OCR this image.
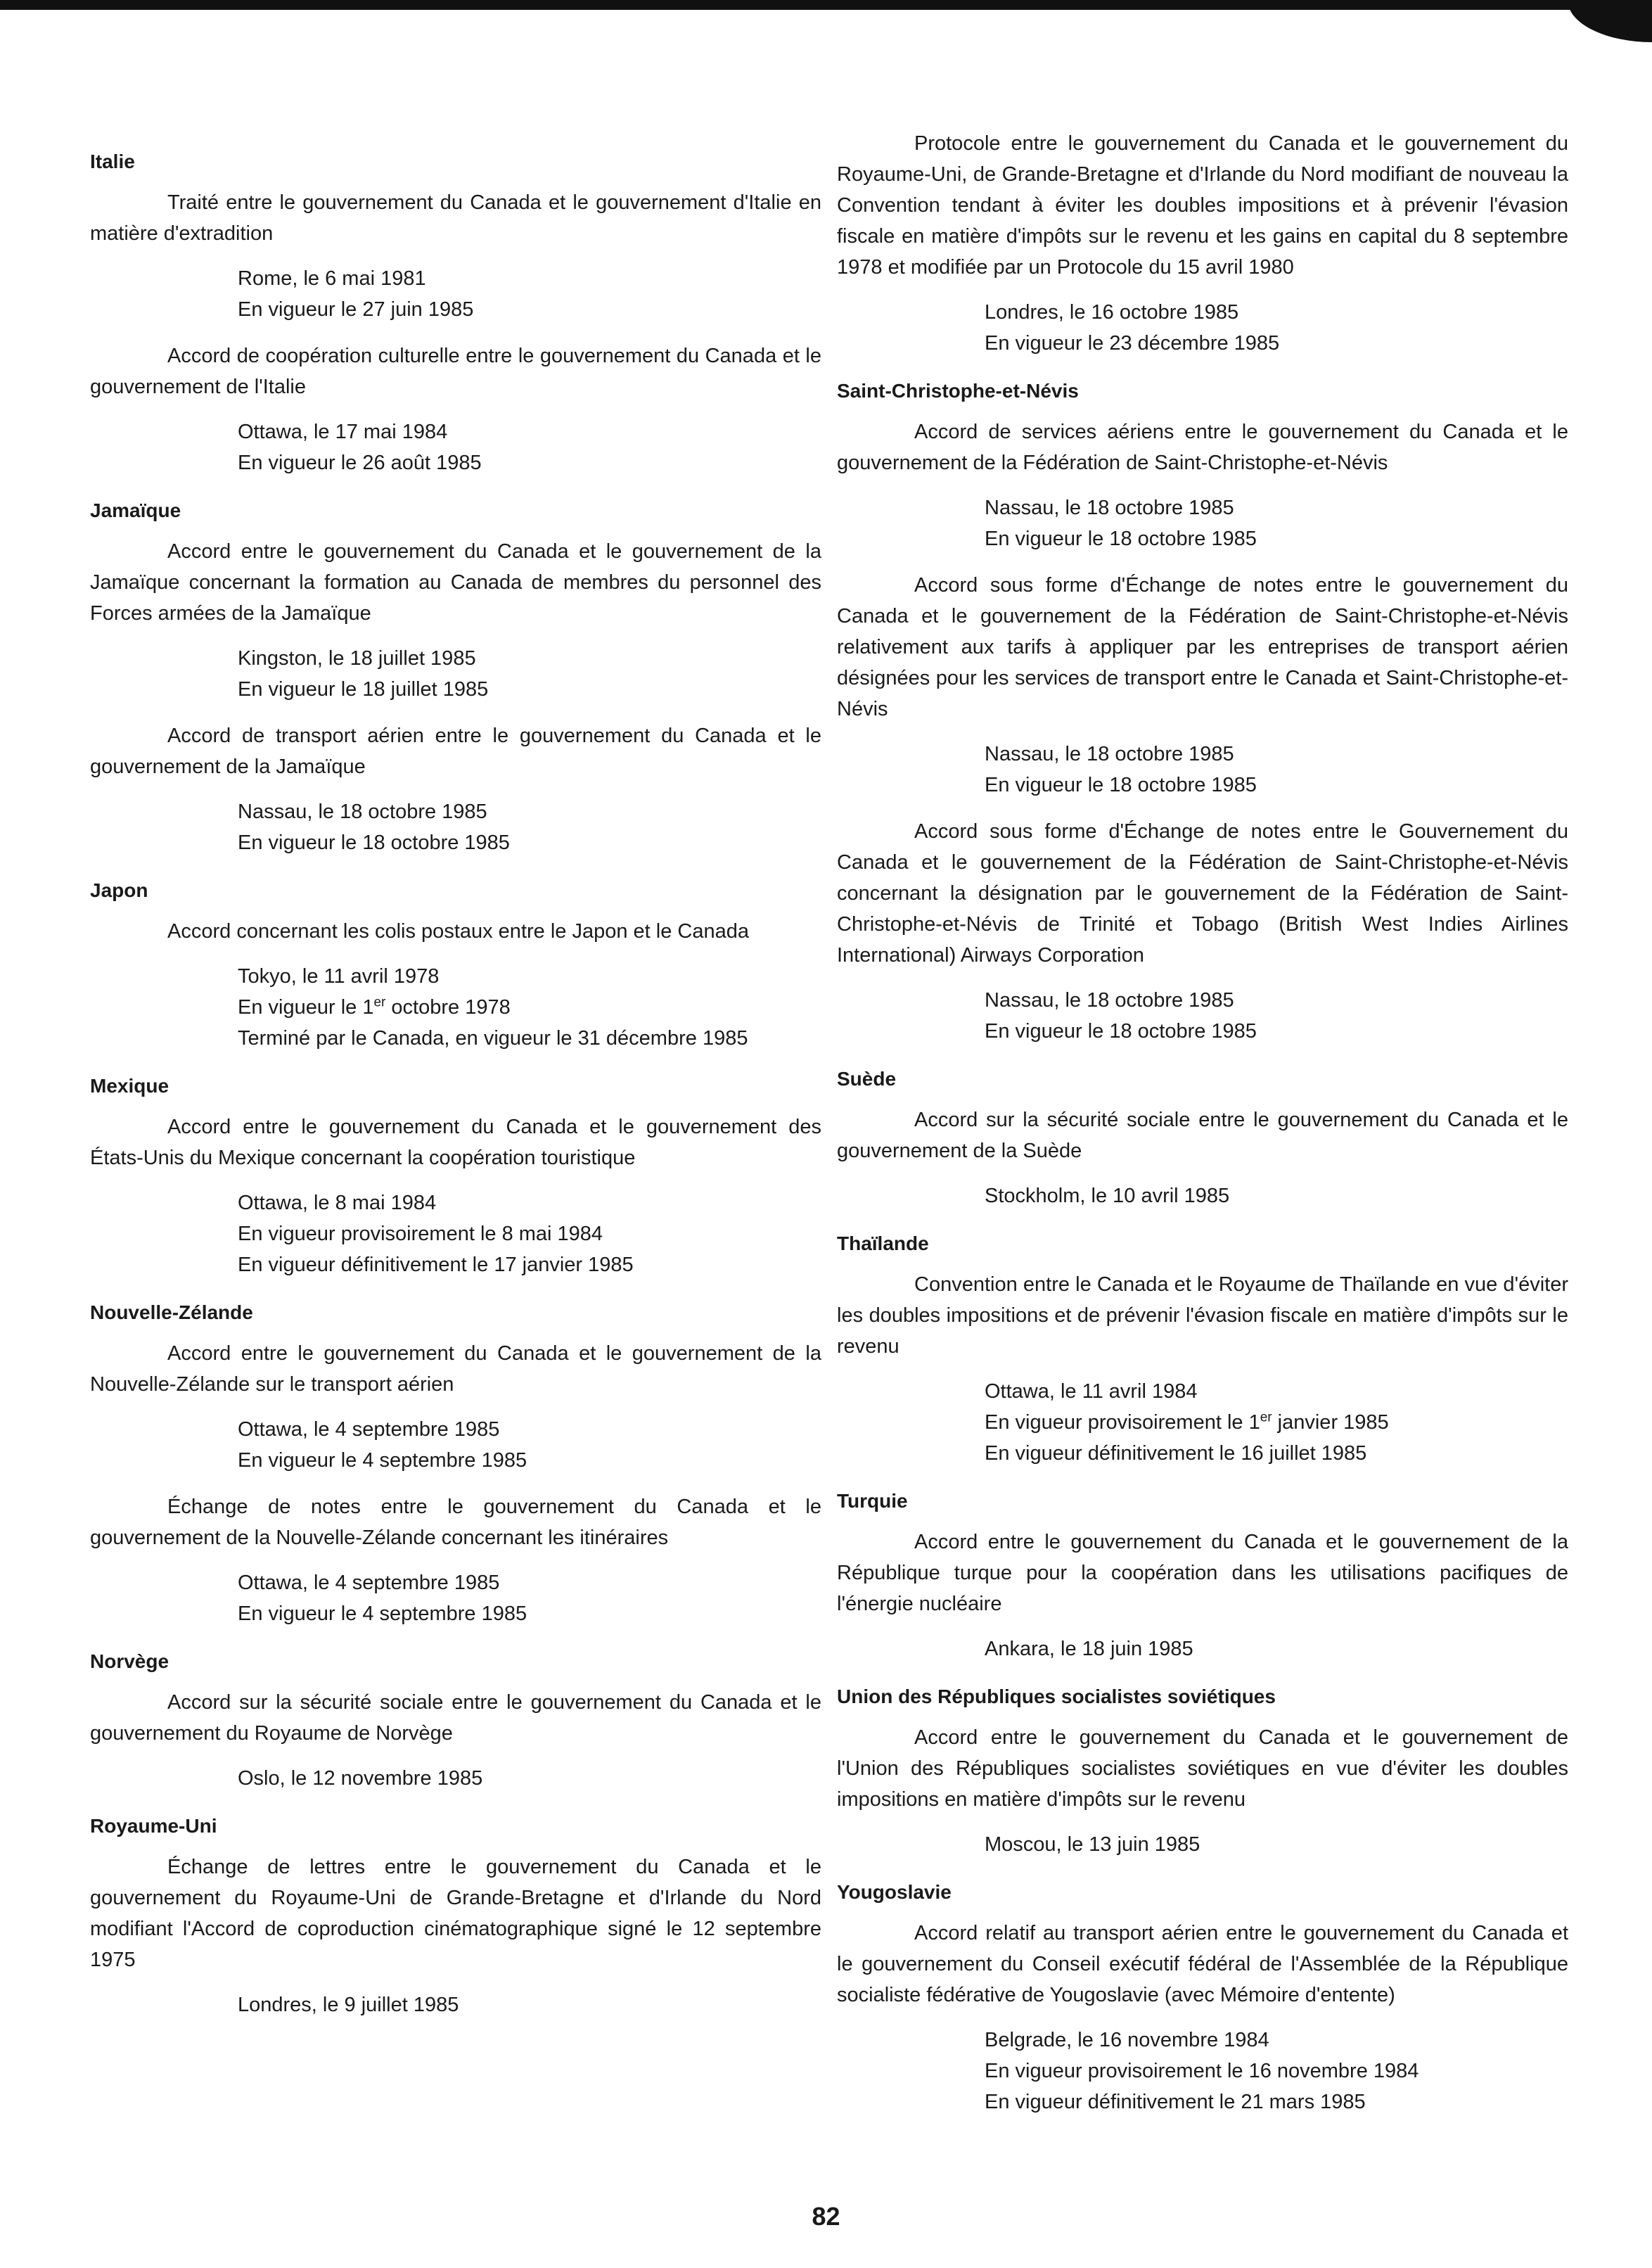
Italie

Traité entre le gouvernement du Canada et le gouvernement d'Italie en matière d'extradition

Rome, le 6 mai 1981
En vigueur le 27 juin 1985

Accord de coopération culturelle entre le gouvernement du Canada et le gouvernement de l'Italie

Ottawa, le 17 mai 1984
En vigueur le 26 août 1985
Jamaïque

Accord entre le gouvernement du Canada et le gouvernement de la Jamaïque concernant la formation au Canada de membres du personnel des Forces armées de la Jamaïque

Kingston, le 18 juillet 1985
En vigueur le 18 juillet 1985

Accord de transport aérien entre le gouvernement du Canada et le gouvernement de la Jamaïque

Nassau, le 18 octobre 1985
En vigueur le 18 octobre 1985
Japon

Accord concernant les colis postaux entre le Japon et le Canada

Tokyo, le 11 avril 1978
En vigueur le 1er octobre 1978
Terminé par le Canada, en vigueur le 31 décembre 1985
Mexique

Accord entre le gouvernement du Canada et le gouvernement des États-Unis du Mexique concernant la coopération touristique

Ottawa, le 8 mai 1984
En vigueur provisoirement le 8 mai 1984
En vigueur définitivement le 17 janvier 1985
Nouvelle-Zélande

Accord entre le gouvernement du Canada et le gouvernement de la Nouvelle-Zélande sur le transport aérien

Ottawa, le 4 septembre 1985
En vigueur le 4 septembre 1985

Échange de notes entre le gouvernement du Canada et le gouvernement de la Nouvelle-Zélande concernant les itinéraires

Ottawa, le 4 septembre 1985
En vigueur le 4 septembre 1985
Norvège

Accord sur la sécurité sociale entre le gouvernement du Canada et le gouvernement du Royaume de Norvège

Oslo, le 12 novembre 1985
Royaume-Uni

Échange de lettres entre le gouvernement du Canada et le gouvernement du Royaume-Uni de Grande-Bretagne et d'Irlande du Nord modifiant l'Accord de coproduction cinématographique signé le 12 septembre 1975

Londres, le 9 juillet 1985

Protocole entre le gouvernement du Canada et le gouvernement du Royaume-Uni, de Grande-Bretagne et d'Irlande du Nord modifiant de nouveau la Convention tendant à éviter les doubles impositions et à prévenir l'évasion fiscale en matière d'impôts sur le revenu et les gains en capital du 8 septembre 1978 et modifiée par un Protocole du 15 avril 1980

Londres, le 16 octobre 1985
En vigueur le 23 décembre 1985
Saint-Christophe-et-Névis

Accord de services aériens entre le gouvernement du Canada et le gouvernement de la Fédération de Saint-Christophe-et-Névis

Nassau, le 18 octobre 1985
En vigueur le 18 octobre 1985

Accord sous forme d'Échange de notes entre le gouvernement du Canada et le gouvernement de la Fédération de Saint-Christophe-et-Névis relativement aux tarifs à appliquer par les entreprises de transport aérien désignées pour les services de transport entre le Canada et Saint-Christophe-et-Névis

Nassau, le 18 octobre 1985
En vigueur le 18 octobre 1985

Accord sous forme d'Échange de notes entre le Gouvernement du Canada et le gouvernement de la Fédération de Saint-Christophe-et-Névis concernant la désignation par le gouvernement de la Fédération de Saint-Christophe-et-Névis de Trinité et Tobago (British West Indies Airlines International) Airways Corporation

Nassau, le 18 octobre 1985
En vigueur le 18 octobre 1985
Suède

Accord sur la sécurité sociale entre le gouvernement du Canada et le gouvernement de la Suède

Stockholm, le 10 avril 1985
Thaïlande

Convention entre le Canada et le Royaume de Thaïlande en vue d'éviter les doubles impositions et de prévenir l'évasion fiscale en matière d'impôts sur le revenu

Ottawa, le 11 avril 1984
En vigueur provisoirement le 1er janvier 1985
En vigueur définitivement le 16 juillet 1985
Turquie

Accord entre le gouvernement du Canada et le gouvernement de la République turque pour la coopération dans les utilisations pacifiques de l'énergie nucléaire

Ankara, le 18 juin 1985
Union des Républiques socialistes soviétiques

Accord entre le gouvernement du Canada et le gouvernement de l'Union des Républiques socialistes soviétiques en vue d'éviter les doubles impositions en matière d'impôts sur le revenu

Moscou, le 13 juin 1985
Yougoslavie

Accord relatif au transport aérien entre le gouvernement du Canada et le gouvernement du Conseil exécutif fédéral de l'Assemblée de la République socialiste fédérative de Yougoslavie (avec Mémoire d'entente)

Belgrade, le 16 novembre 1984
En vigueur provisoirement le 16 novembre 1984
En vigueur définitivement le 21 mars 1985
82
